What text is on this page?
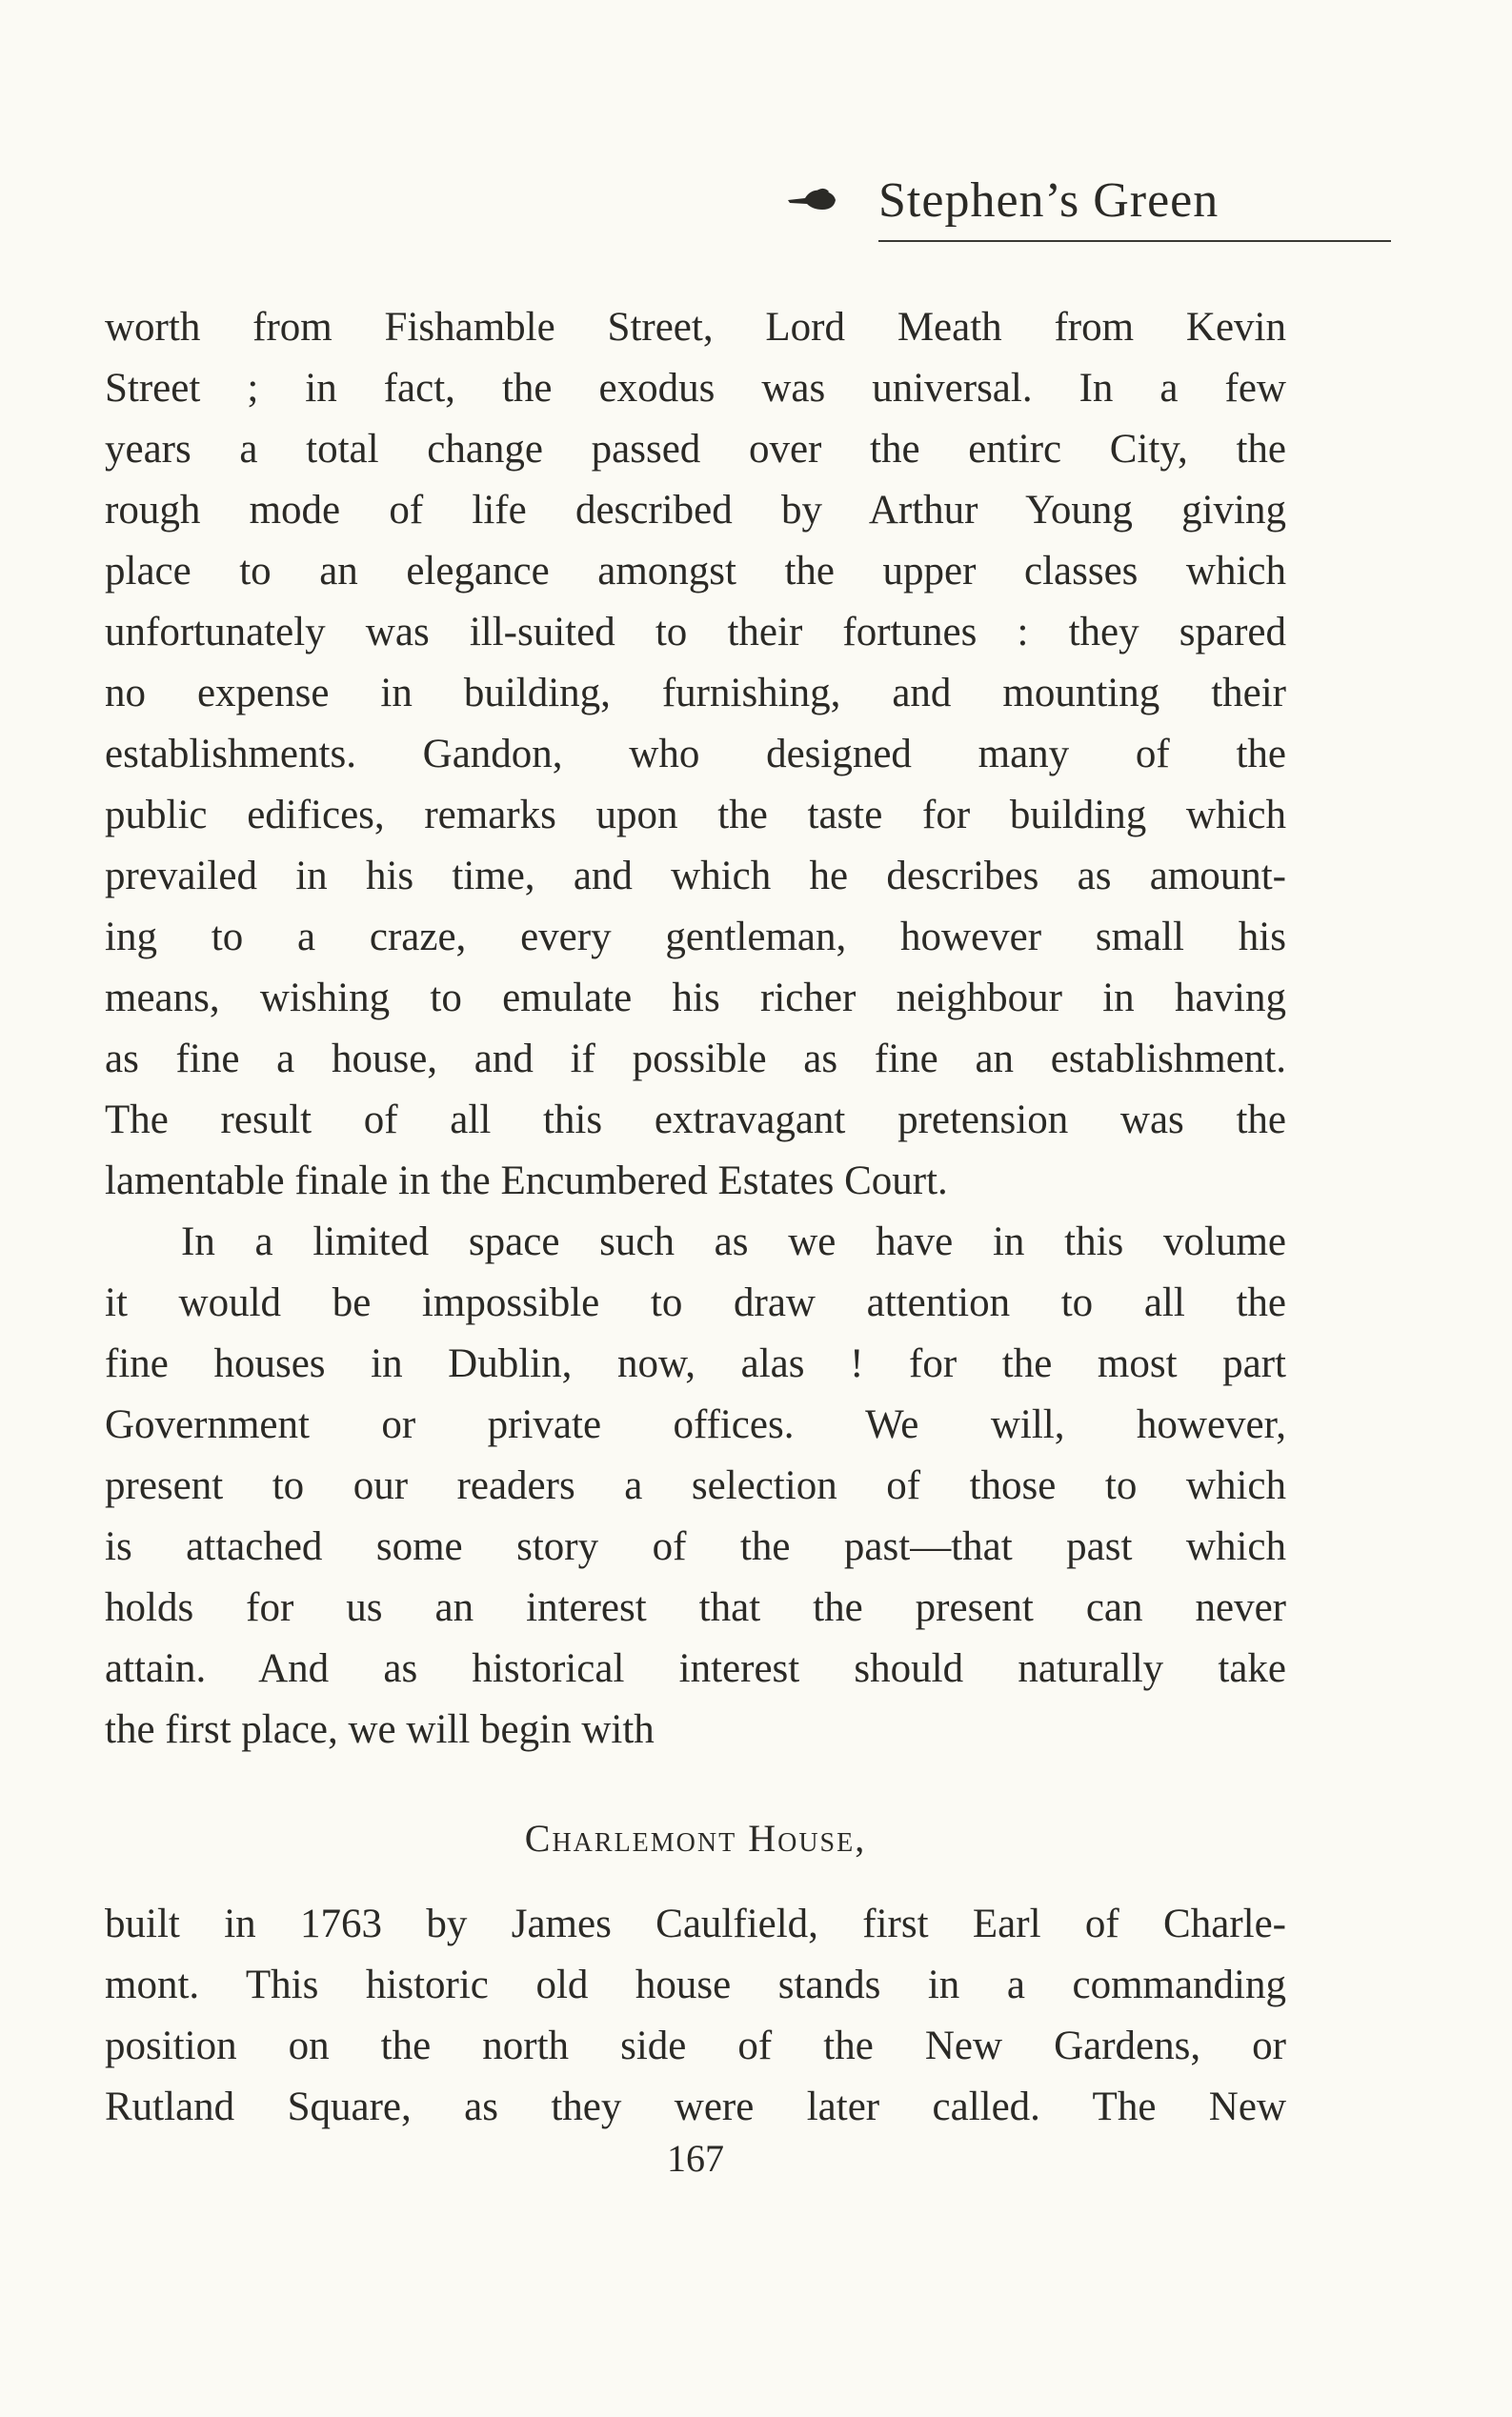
Stephen’s Green
worth from Fishamble Street, Lord Meath from Kevin
Street ; in fact, the exodus was universal. In a few
years a total change passed over the entirc City, the
rough mode of life described by Arthur Young giving
place to an elegance amongst the upper classes which
unfortunately was ill-suited to their fortunes : they spared
no expense in building, furnishing, and mounting their
establishments. Gandon, who designed many of the
public edifices, remarks upon the taste for building which
prevailed in his time, and which he describes as amount-
ing to a craze, every gentleman, however small his
means, wishing to emulate his richer neighbour in having
as fine a house, and if possible as fine an establishment.
The result of all this extravagant pretension was the
lamentable finale in the Encumbered Estates Court.
In a limited space such as we have in this volume
it would be impossible to draw attention to all the
fine houses in Dublin, now, alas ! for the most part
Government or private offices. We will, however,
present to our readers a selection of those to which
is attached some story of the past—that past which
holds for us an interest that the present can never
attain. And as historical interest should naturally take
the first place, we will begin with
Charlemont House,
built in 1763 by James Caulfield, first Earl of Charle-
mont. This historic old house stands in a commanding
position on the north side of the New Gardens, or
Rutland Square, as they were later called. The New
167
